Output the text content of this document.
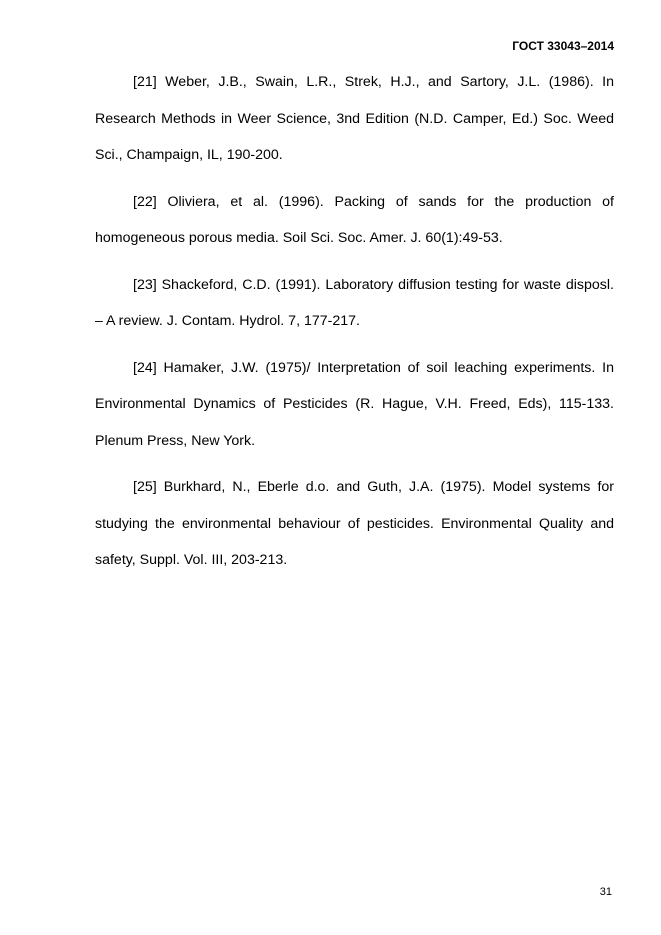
ГОСТ 33043–2014

[21] Weber, J.B., Swain, L.R., Strek, H.J., and Sartory, J.L. (1986). In Research Methods in Weer Science, 3nd Edition (N.D. Camper, Ed.) Soc. Weed Sci., Champaign, IL, 190-200.

[22] Oliviera, et al. (1996). Packing of sands for the production of homogeneous porous media. Soil Sci. Soc. Amer. J. 60(1):49-53.

[23] Shackeford, C.D. (1991). Laboratory diffusion testing for waste disposl. – A review. J. Contam. Hydrol. 7, 177-217.

[24] Hamaker, J.W. (1975)/ Interpretation of soil leaching experiments. In Environmental Dynamics of Pesticides (R. Hague, V.H. Freed, Eds), 115-133. Plenum Press, New York.

[25] Burkhard, N., Eberle d.o. and Guth, J.A. (1975). Model systems for studying the environmental behaviour of pesticides. Environmental Quality and safety, Suppl. Vol. III, 203-213.

31
